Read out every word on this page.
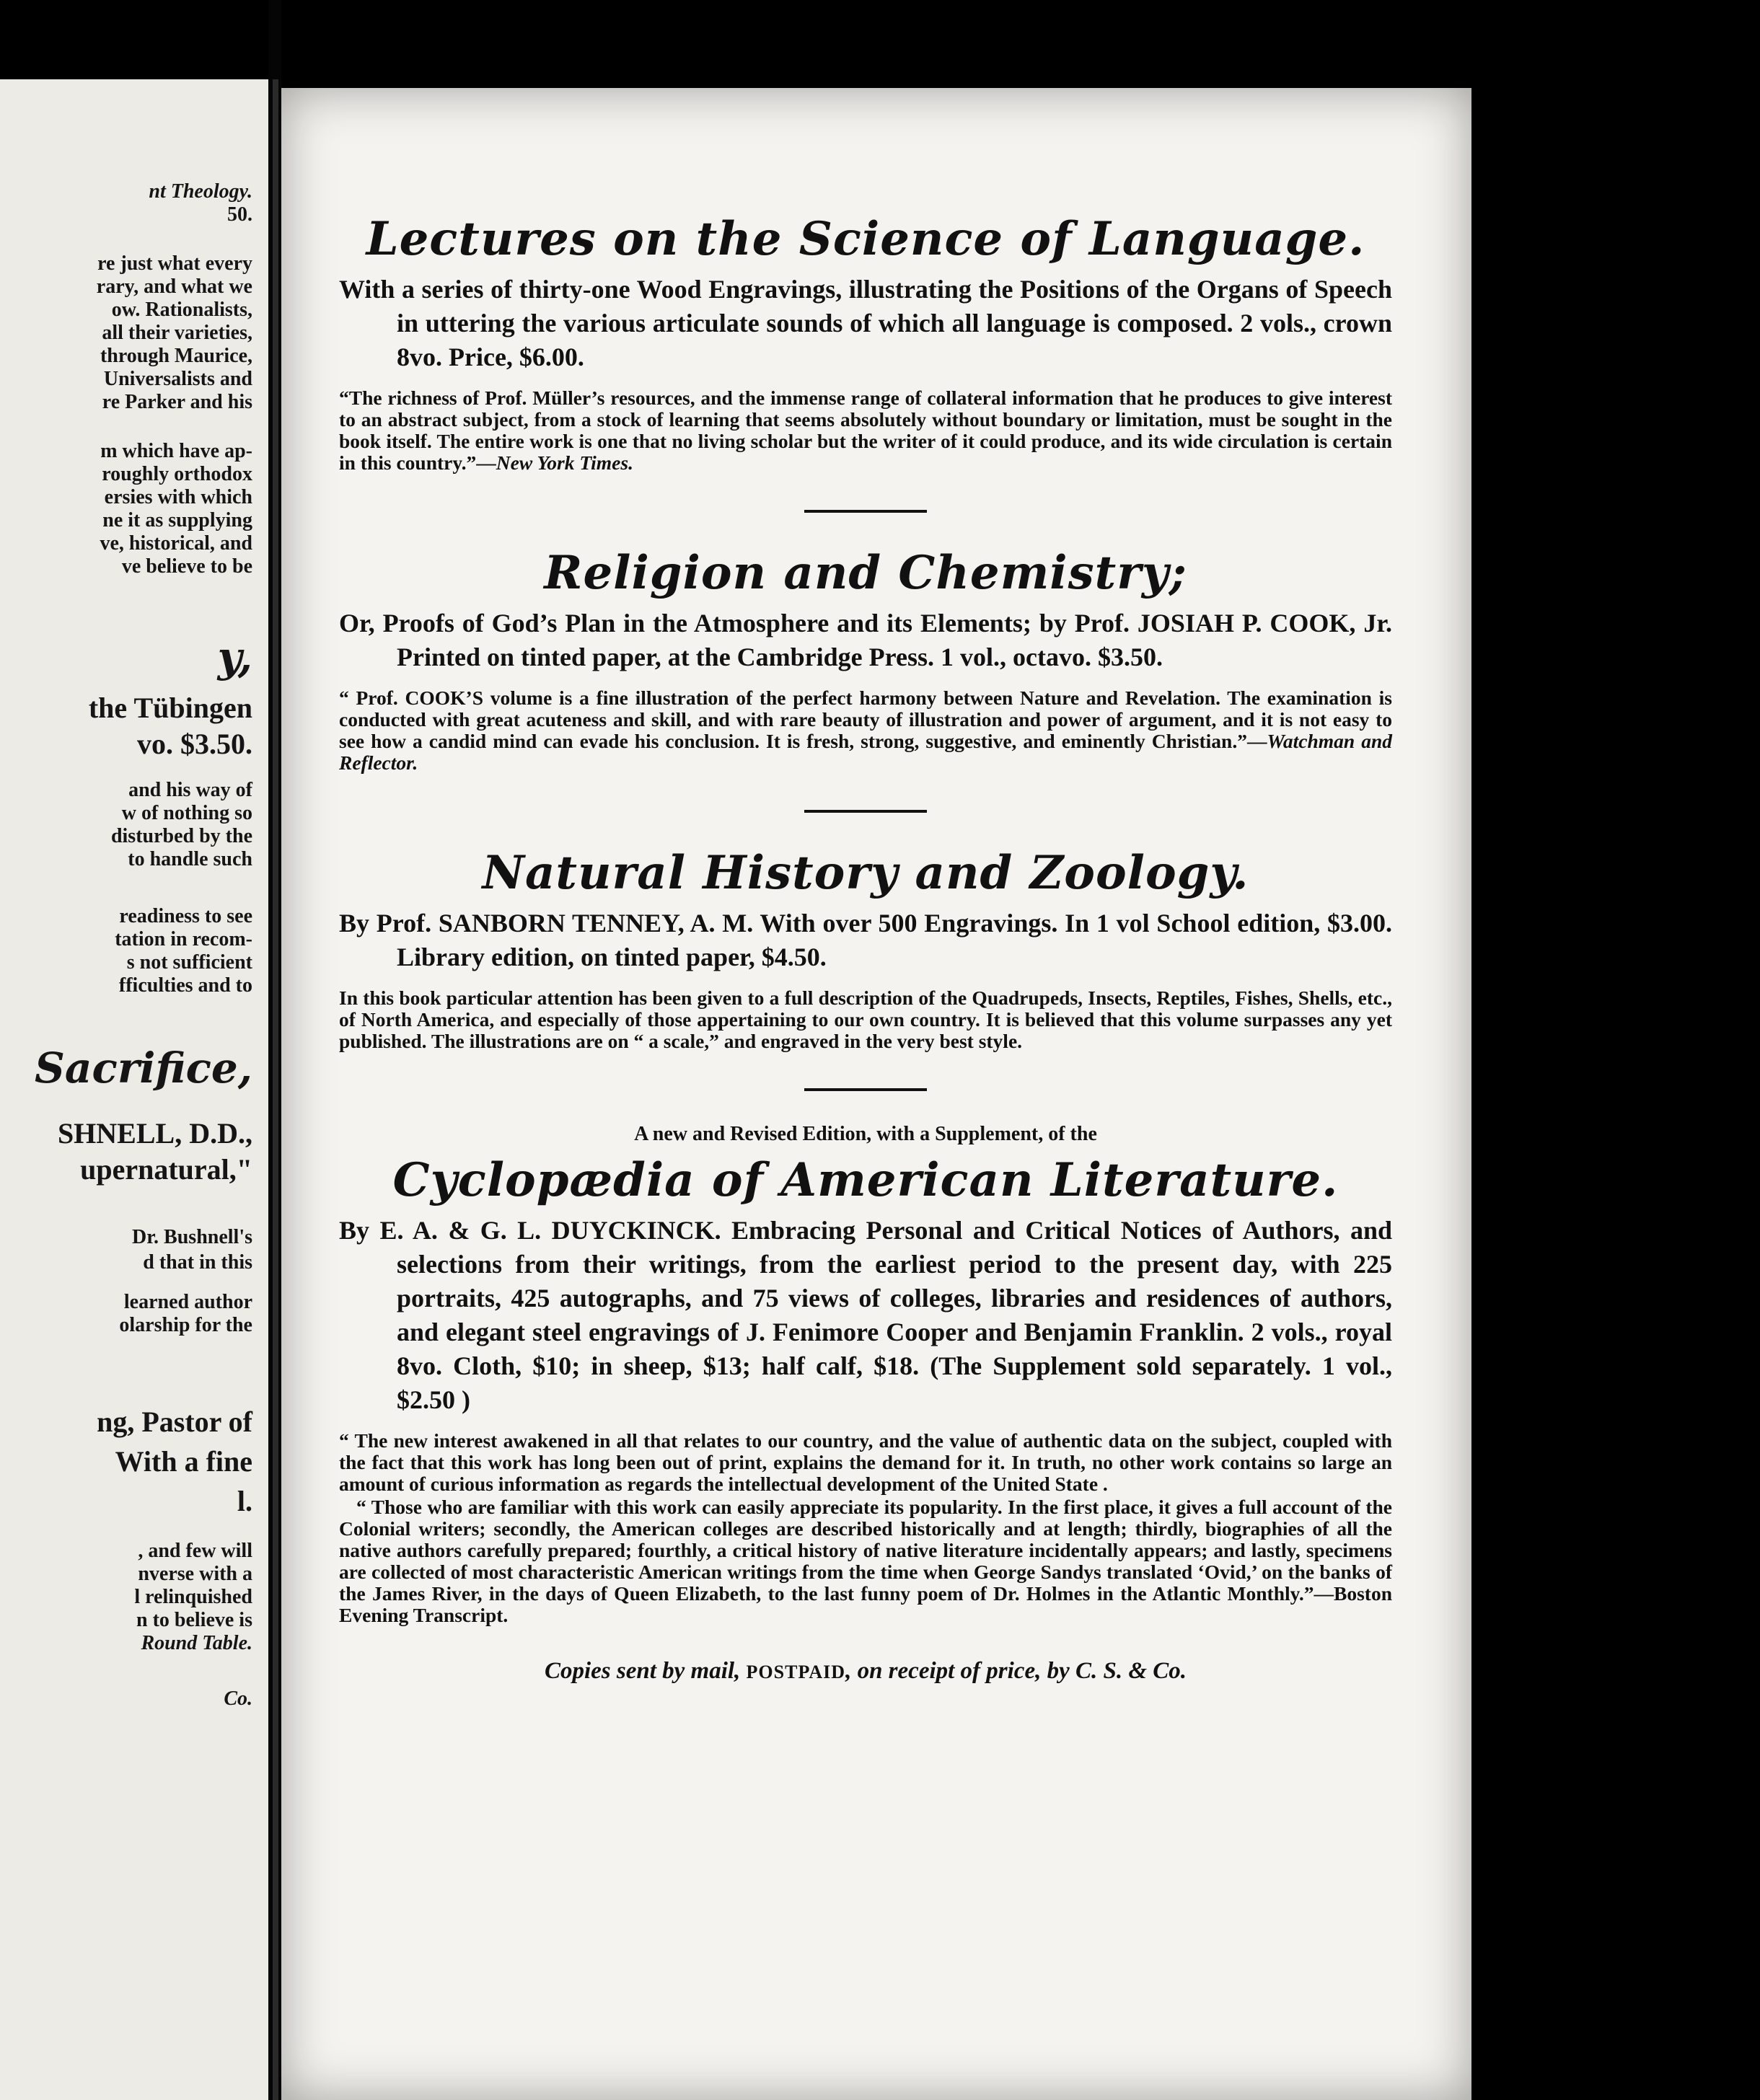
nt Theology.
50.
re just what every
rary, and what we
ow. Rationalists,
all their varieties,
through Maurice,
Universalists and
re Parker and his
m which have ap-
roughly orthodox
ersies with which
ne it as supplying
ve, historical, and
ve believe to be
y,
the Tübingen
vo. $3.50.
and his way of
w of nothing so
disturbed by the
to handle such
readiness to see
tation in recom-
s not sufficient
fficulties and to
Sacrifice,
SHNELL, D.D.,
upernatural,"
Dr. Bushnell's
d that in this
learned author
olarship for the
ng, Pastor of
With a fine
l.
, and few will
nverse with a
l relinquished
n to believe is
Round Table.
Co.
Lectures on the Science of Language.

With a series of thirty-one Wood Engravings, illustrating the Positions of the Organs of Speech in uttering the various articulate sounds of which all language is composed. 2 vols., crown 8vo. Price, $6.00.

“The richness of Prof. Müller’s resources, and the immense range of collateral information that he produces to give interest to an abstract subject, from a stock of learning that seems absolutely without boundary or limitation, must be sought in the book itself. The entire work is one that no living scholar but the writer of it could produce, and its wide circulation is certain in this country.”—New York Times.

Religion and Chemistry;

Or, Proofs of God’s Plan in the Atmosphere and its Elements; by Prof. JOSIAH P. COOK, Jr. Printed on tinted paper, at the Cambridge Press. 1 vol., octavo. $3.50.

“ Prof. COOK’S volume is a fine illustration of the perfect harmony between Nature and Revelation. The examination is conducted with great acuteness and skill, and with rare beauty of illustration and power of argument, and it is not easy to see how a candid mind can evade his conclusion. It is fresh, strong, suggestive, and eminently Christian.”—Watchman and Reflector.

Natural History and Zoology.

By Prof. SANBORN TENNEY, A. M. With over 500 Engravings. In 1 vol School edition, $3.00. Library edition, on tinted paper, $4.50.

In this book particular attention has been given to a full description of the Quadrupeds, Insects, Reptiles, Fishes, Shells, etc., of North America, and especially of those appertaining to our own country. It is believed that this volume surpasses any yet published. The illustrations are on “ a scale,” and engraved in the very best style.

A new and Revised Edition, with a Supplement, of the

Cyclopædia of American Literature.

By E. A. & G. L. DUYCKINCK. Embracing Personal and Critical Notices of Authors, and selections from their writings, from the earliest period to the present day, with 225 portraits, 425 autographs, and 75 views of colleges, libraries and residences of authors, and elegant steel engravings of J. Fenimore Cooper and Benjamin Franklin. 2 vols., royal 8vo. Cloth, $10; in sheep, $13; half calf, $18. (The Supplement sold separately. 1 vol., $2.50 )

“ The new interest awakened in all that relates to our country, and the value of authentic data on the subject, coupled with the fact that this work has long been out of print, explains the demand for it. In truth, no other work contains so large an amount of curious information as regards the intellectual development of the United State .

“ Those who are familiar with this work can easily appreciate its popularity. In the first place, it gives a full account of the Colonial writers; secondly, the American colleges are described historically and at length; thirdly, biographies of all the native authors carefully prepared; fourthly, a critical history of native literature incidentally appears; and lastly, specimens are collected of most characteristic American writings from the time when George Sandys translated ‘Ovid,’ on the banks of the James River, in the days of Queen Elizabeth, to the last funny poem of Dr. Holmes in the Atlantic Monthly.”—Boston Evening Transcript.

Copies sent by mail, POSTPAID, on receipt of price, by C. S. & Co.
